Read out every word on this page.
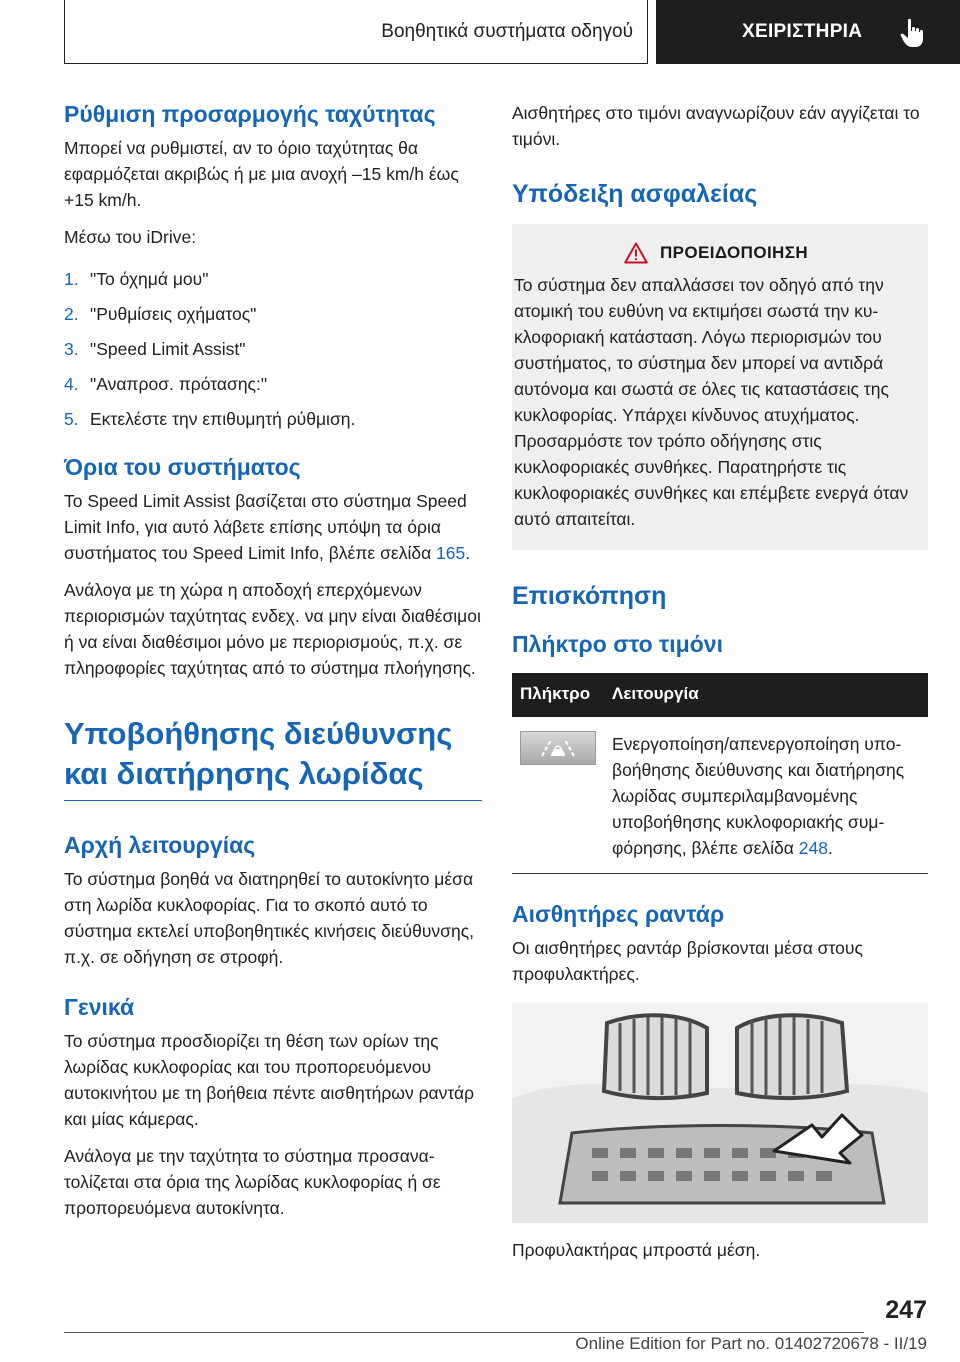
Βοηθητικά συστήματα οδηγού	ΧΕΙΡΙΣΤΗΡΙΑ
Ρύθμιση προσαρμογής ταχύτητας

Μπορεί να ρυθμιστεί, αν το όριο ταχύτητας θα εφαρμόζεται ακριβώς ή με μια ανοχή –15 km/h έως +15 km/h.

Μέσω του iDrive:

1. "Το όχημά μου"
2. "Ρυθμίσεις οχήματος"
3. "Speed Limit Assist"
4. "Αναπροσ. πρότασης:"
5. Εκτελέστε την επιθυμητή ρύθμιση.
Όρια του συστήματος

Το Speed Limit Assist βασίζεται στο σύστημα Speed Limit Info, για αυτό λάβετε επίσης υπόψη τα όρια συστήματος του Speed Limit Info, βλέπε σελίδα 165.

Ανάλογα με τη χώρα η αποδοχή επερχόμενων περιορισμών ταχύτητας ενδεχ. να μην είναι διαθέσιμοι ή να είναι διαθέσιμοι μόνο με περιορισμούς, π.χ. σε πληροφορίες ταχύτητας από το σύστημα πλοήγησης.

Υποβοήθησης διεύθυνσης και διατήρησης λωρίδας
Αρχή λειτουργίας

Το σύστημα βοηθά να διατηρηθεί το αυτοκίνητο μέσα στη λωρίδα κυκλοφορίας. Για το σκοπό αυτό το σύστημα εκτελεί υποβοηθητικές κινήσεις διεύθυνσης, π.χ. σε οδήγηση σε στροφή.

Γενικά

Το σύστημα προσδιορίζει τη θέση των ορίων της λωρίδας κυκλοφορίας και του προπορευόμενου αυτοκινήτου με τη βοήθεια πέντε αισθητήρων ραντάρ και μίας κάμερας.

Ανάλογα με την ταχύτητα το σύστημα προσανατολίζεται στα όρια της λωρίδας κυκλοφορίας ή σε προπορευόμενα αυτοκίνητα.

Αισθητήρες στο τιμόνι αναγνωρίζουν εάν αγγίζεται το τιμόνι.

Υπόδειξη ασφαλείας
ΠΡΟΕΙΔΟΠΟΙΗΣΗ

Το σύστημα δεν απαλλάσσει τον οδηγό από την ατομική του ευθύνη να εκτιμήσει σωστά την κυκλοφοριακή κατάσταση. Λόγω περιορισμών του συστήματος, το σύστημα δεν μπορεί να αντιδρά αυτόνομα και σωστά σε όλες τις καταστάσεις της κυκλοφορίας. Υπάρχει κίνδυνος ατυχήματος. Προσαρμόστε τον τρόπο οδήγησης στις κυκλοφοριακές συνθήκες. Παρατηρήστε τις κυκλοφοριακές συνθήκες και επέμβετε ενεργά όταν αυτό απαιτείται.

Επισκόπηση
Πλήκτρο στο τιμόνι
Πλήκτρο	Λειτουργία

	Ενεργοποίηση/απενεργοποίηση υποβοήθησης διεύθυνσης και διατήρησης λωρίδας συμπεριλαμβανομένης υποβοήθησης κυκλοφοριακής συμφόρησης, βλέπε σελίδα 248.
Αισθητήρες ραντάρ

Οι αισθητήρες ραντάρ βρίσκονται μέσα στους προφυλακτήρες.

Προφυλακτήρας μπροστά μέση.

247
Online Edition for Part no. 01402720678 - II/19
